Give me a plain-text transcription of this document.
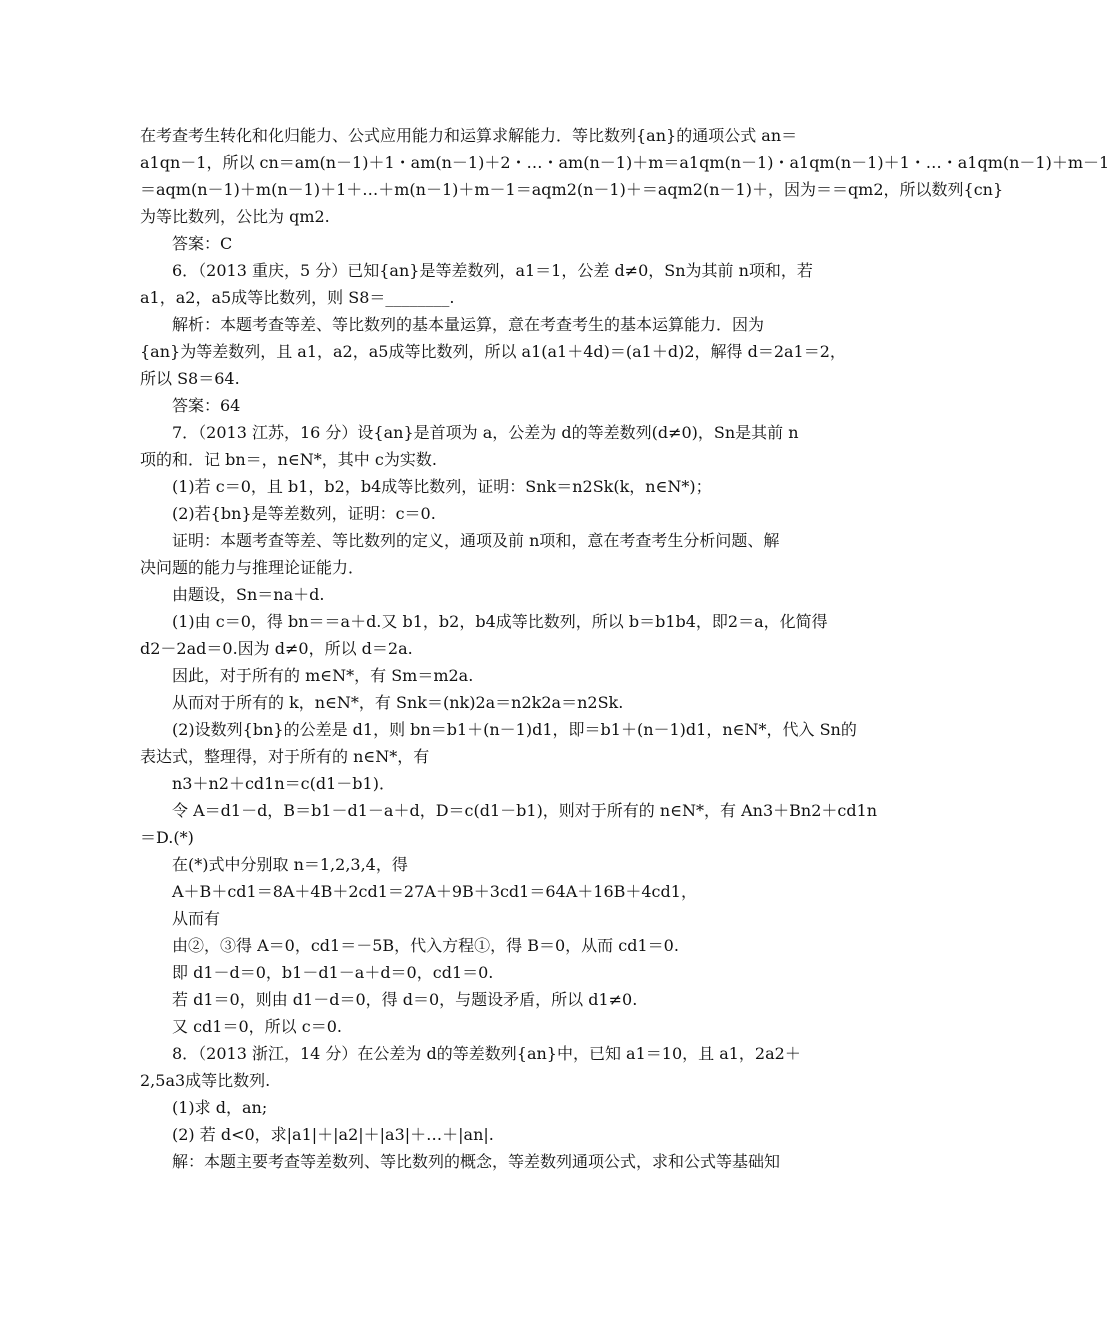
在考查考生转化和化归能力、公式应用能力和运算求解能力．等比数列{an}的通项公式 an＝
a1qn－1，所以 cn＝am(n－1)＋1・am(n－1)＋2・…・am(n－1)＋m＝a1qm(n－1)・a1qm(n－1)＋1・…・a1qm(n－1)＋m－1
＝aqm(n－1)＋m(n－1)＋1＋…＋m(n－1)＋m－1＝aqm2(n－1)＋＝aqm2(n－1)＋，因为＝＝qm2，所以数列{cn}
为等比数列，公比为 qm2.
答案：C
6．（2013 重庆，5 分）已知{an}是等差数列，a1＝1，公差 d≠0，Sn为其前 n项和，若
a1，a2，a5成等比数列，则 S8＝________.
解析：本题考查等差、等比数列的基本量运算，意在考查考生的基本运算能力．因为
{an}为等差数列，且 a1，a2，a5成等比数列，所以 a1(a1＋4d)＝(a1＋d)2，解得 d＝2a1＝2，
所以 S8＝64.
答案：64
7．（2013 江苏，16 分）设{an}是首项为 a，公差为 d的等差数列(d≠0)，Sn是其前 n
项的和．记 bn＝，n∈N*，其中 c为实数.
(1)若 c＝0，且 b1，b2，b4成等比数列，证明：Snk＝n2Sk(k，n∈N*)；
(2)若{bn}是等差数列，证明：c＝0.
证明：本题考查等差、等比数列的定义，通项及前 n项和，意在考查考生分析问题、解
决问题的能力与推理论证能力．
由题设，Sn＝na＋d.
(1)由 c＝0，得 bn＝＝a＋d.又 b1，b2，b4成等比数列，所以 b＝b1b4，即2＝a，化简得
d2－2ad＝0.因为 d≠0，所以 d＝2a.
因此，对于所有的 m∈N*，有 Sm＝m2a.
从而对于所有的 k，n∈N*，有 Snk＝(nk)2a＝n2k2a＝n2Sk.
(2)设数列{bn}的公差是 d1，则 bn＝b1＋(n－1)d1，即＝b1＋(n－1)d1，n∈N*，代入 Sn的
表达式，整理得，对于所有的 n∈N*，有
n3＋n2＋cd1n＝c(d1－b1)．
令 A＝d1－d，B＝b1－d1－a＋d，D＝c(d1－b1)，则对于所有的 n∈N*，有 An3＋Bn2＋cd1n
＝D.(*)
在(*)式中分别取 n＝1,2,3,4，得
A＋B＋cd1＝8A＋4B＋2cd1＝27A＋9B＋3cd1＝64A＋16B＋4cd1，
从而有
由②，③得 A＝0，cd1＝－5B，代入方程①，得 B＝0，从而 cd1＝0.
即 d1－d＝0，b1－d1－a＋d＝0，cd1＝0.
若 d1＝0，则由 d1－d＝0，得 d＝0，与题设矛盾，所以 d1≠0.
又 cd1＝0，所以 c＝0.
8．（2013 浙江，14 分）在公差为 d的等差数列{an}中，已知 a1＝10，且 a1，2a2＋
2,5a3成等比数列.
(1)求 d，an;
(2) 若 d<0，求|a1|＋|a2|＋|a3|＋…＋|an|.
解：本题主要考查等差数列、等比数列的概念，等差数列通项公式，求和公式等基础知
